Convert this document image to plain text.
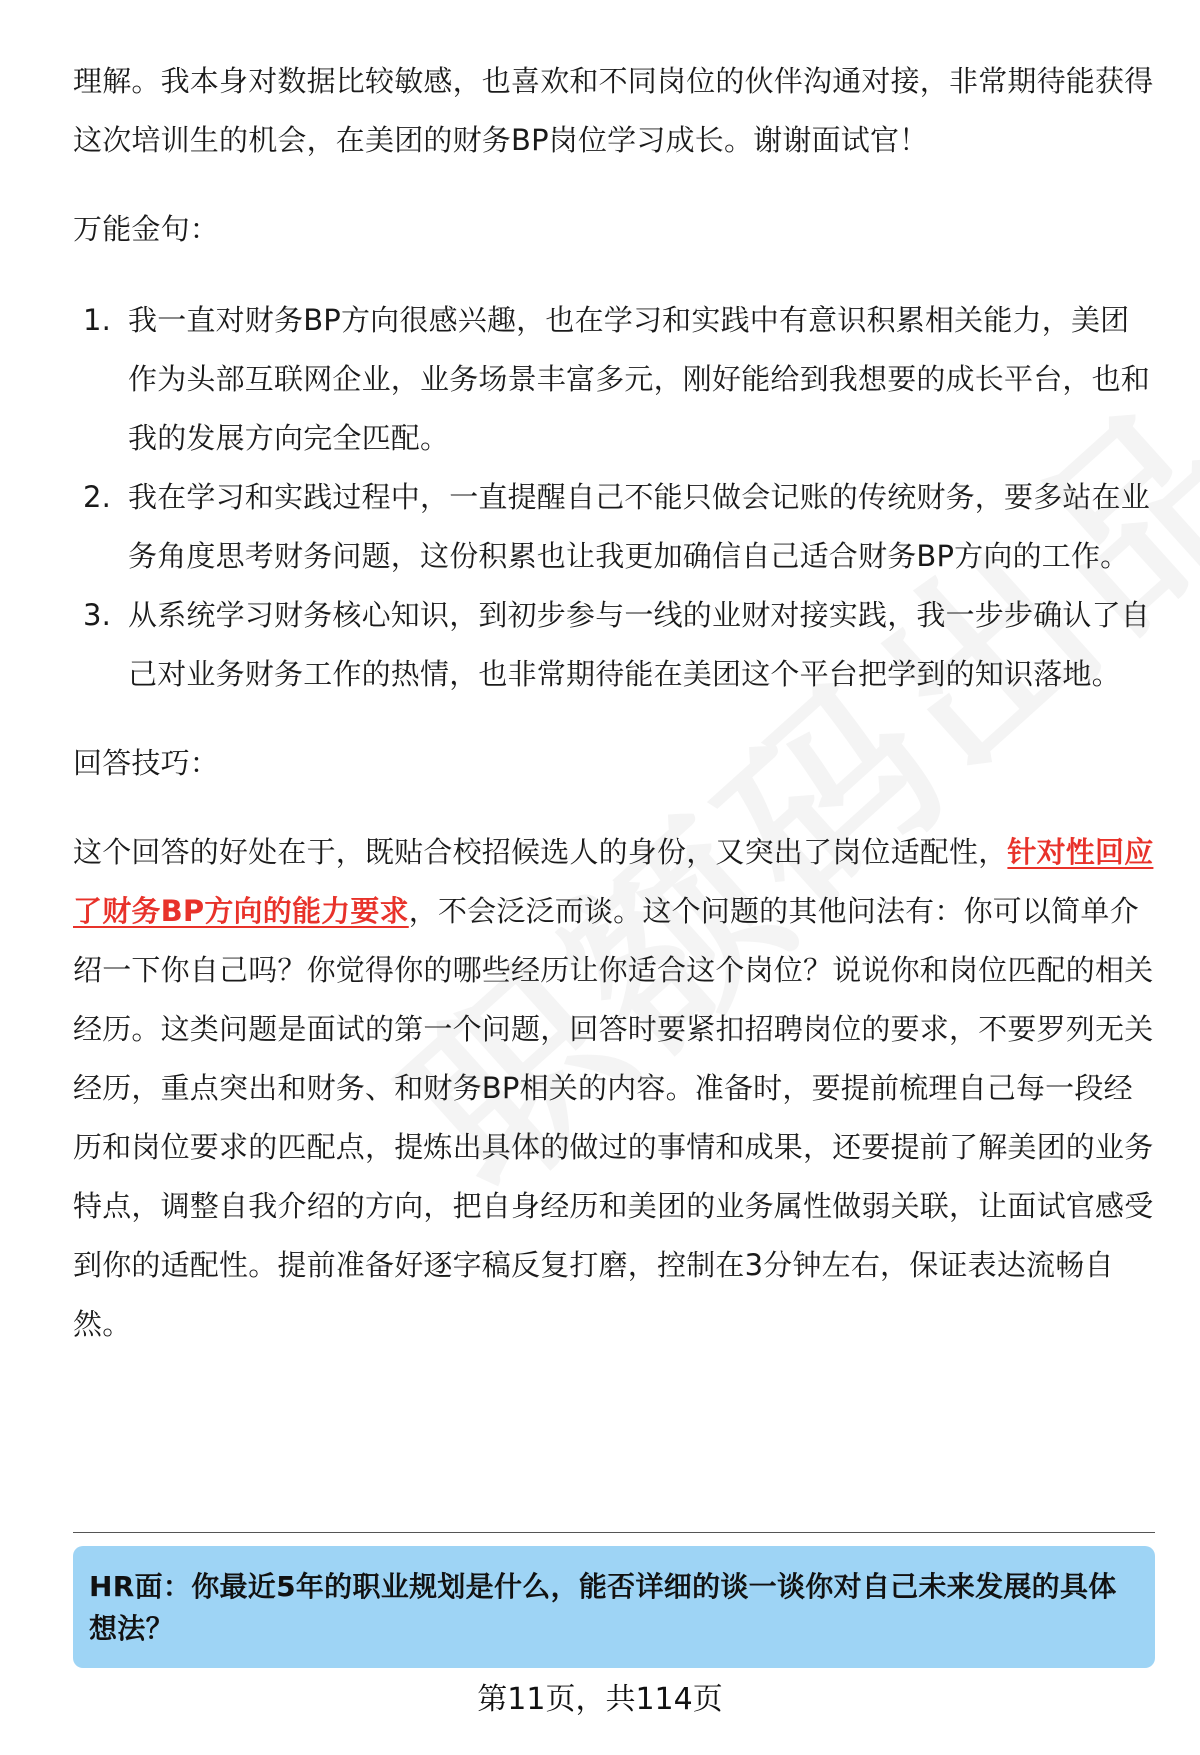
理解。我本身对数据比较敏感，也喜欢和不同岗位的伙伴沟通对接，非常期待能获得这次培训生的机会，在美团的财务BP岗位学习成长。谢谢面试官！

万能金句：

1. 我一直对财务BP方向很感兴趣，也在学习和实践中有意识积累相关能力，美团作为头部互联网企业，业务场景丰富多元，刚好能给到我想要的成长平台，也和我的发展方向完全匹配。
2. 我在学习和实践过程中，一直提醒自己不能只做会记账的传统财务，要多站在业务角度思考财务问题，这份积累也让我更加确信自己适合财务BP方向的工作。
3. 从系统学习财务核心知识，到初步参与一线的业财对接实践，我一步步确认了自己对业务财务工作的热情，也非常期待能在美团这个平台把学到的知识落地。

回答技巧：

这个回答的好处在于，既贴合校招候选人的身份，又突出了岗位适配性，针对性回应了财务BP方向的能力要求，不会泛泛而谈。这个问题的其他问法有：你可以简单介绍一下你自己吗？你觉得你的哪些经历让你适合这个岗位？说说你和岗位匹配的相关经历。这类问题是面试的第一个问题，回答时要紧扣招聘岗位的要求，不要罗列无关经历，重点突出和财务、和财务BP相关的内容。准备时，要提前梳理自己每一段经历和岗位要求的匹配点，提炼出具体的做过的事情和成果，还要提前了解美团的业务特点，调整自我介绍的方向，把自身经历和美团的业务属性做弱关联，让面试官感受到你的适配性。提前准备好逐字稿反复打磨，控制在3分钟左右，保证表达流畅自然。

HR面：你最近5年的职业规划是什么，能否详细的谈一谈你对自己未来发展的具体想法？
第11页，共114页
